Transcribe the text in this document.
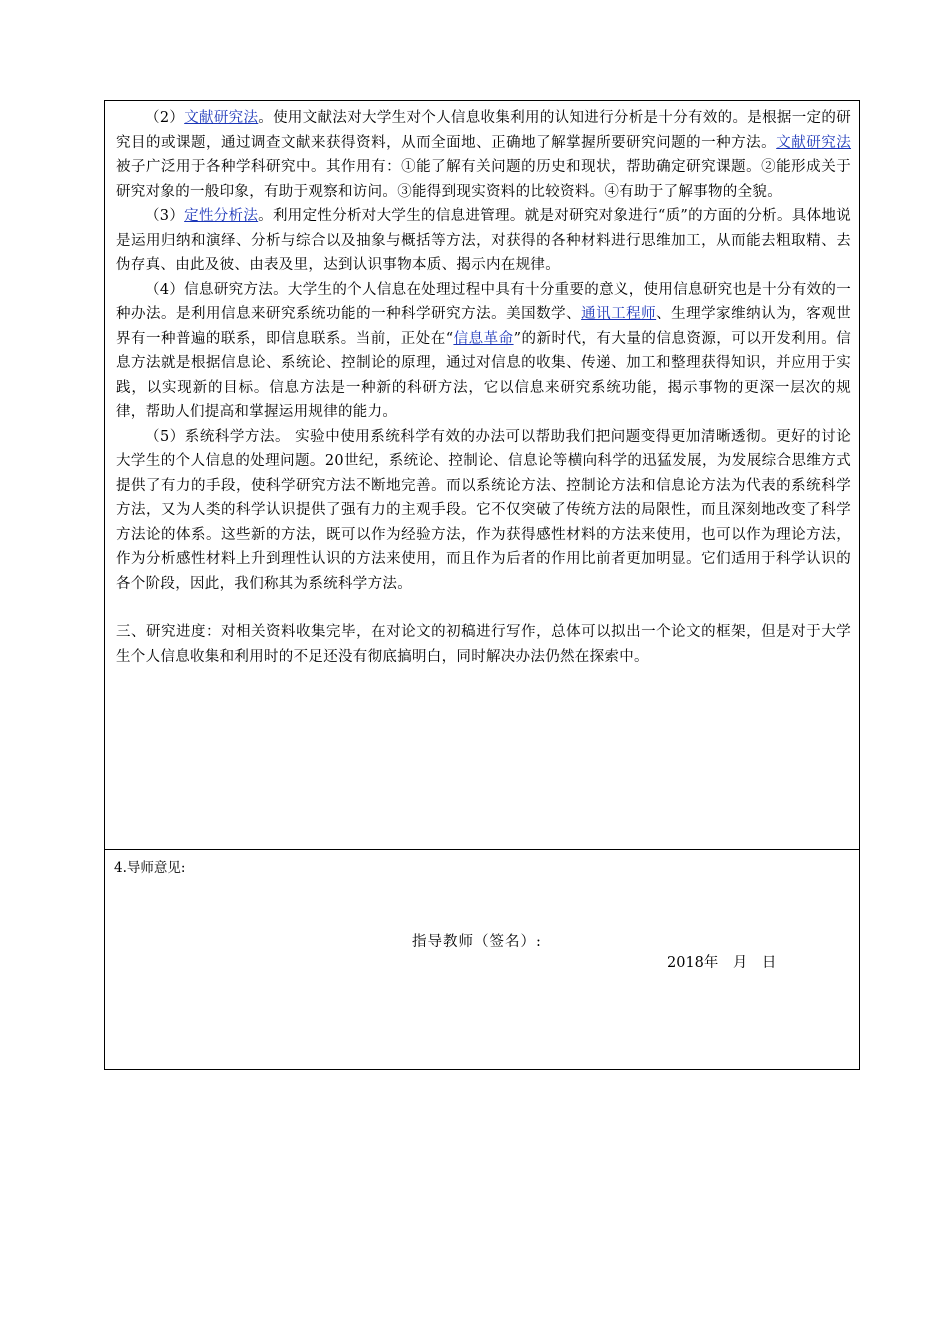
（2）文献研究法。使用文献法对大学生对个人信息收集利用的认知进行分析是十分有效的。是根据一定的研究目的或课题，通过调查文献来获得资料，从而全面地、正确地了解掌握所要研究问题的一种方法。文献研究法被子广泛用于各种学科研究中。其作用有：①能了解有关问题的历史和现状，帮助确定研究课题。②能形成关于研究对象的一般印象，有助于观察和访问。③能得到现实资料的比较资料。④有助于了解事物的全貌。

（3）定性分析法。利用定性分析对大学生的信息进管理。就是对研究对象进行“质”的方面的分析。具体地说是运用归纳和演绎、分析与综合以及抽象与概括等方法，对获得的各种材料进行思维加工，从而能去粗取精、去伪存真、由此及彼、由表及里，达到认识事物本质、揭示内在规律。

（4）信息研究方法。大学生的个人信息在处理过程中具有十分重要的意义，使用信息研究也是十分有效的一种办法。是利用信息来研究系统功能的一种科学研究方法。美国数学、通讯工程师、生理学家维纳认为，客观世界有一种普遍的联系，即信息联系。当前，正处在“信息革命”的新时代，有大量的信息资源，可以开发利用。信息方法就是根据信息论、系统论、控制论的原理，通过对信息的收集、传递、加工和整理获得知识，并应用于实践，以实现新的目标。信息方法是一种新的科研方法，它以信息来研究系统功能，揭示事物的更深一层次的规律，帮助人们提高和掌握运用规律的能力。

（5）系统科学方法。 实验中使用系统科学有效的办法可以帮助我们把问题变得更加清晰透彻。更好的讨论大学生的个人信息的处理问题。20世纪，系统论、控制论、信息论等横向科学的迅猛发展，为发展综合思维方式提供了有力的手段，使科学研究方法不断地完善。而以系统论方法、控制论方法和信息论方法为代表的系统科学方法，又为人类的科学认识提供了强有力的主观手段。它不仅突破了传统方法的局限性，而且深刻地改变了科学方法论的体系。这些新的方法，既可以作为经验方法，作为获得感性材料的方法来使用，也可以作为理论方法，作为分析感性材料上升到理性认识的方法来使用，而且作为后者的作用比前者更加明显。它们适用于科学认识的各个阶段，因此，我们称其为系统科学方法。

三、研究进度：对相关资料收集完毕，在对论文的初稿进行写作，总体可以拟出一个论文的框架，但是对于大学生个人信息收集和利用时的不足还没有彻底搞明白，同时解决办法仍然在探索中。

4.导师意见:
指导教师（签名）:
2018年　月　日
